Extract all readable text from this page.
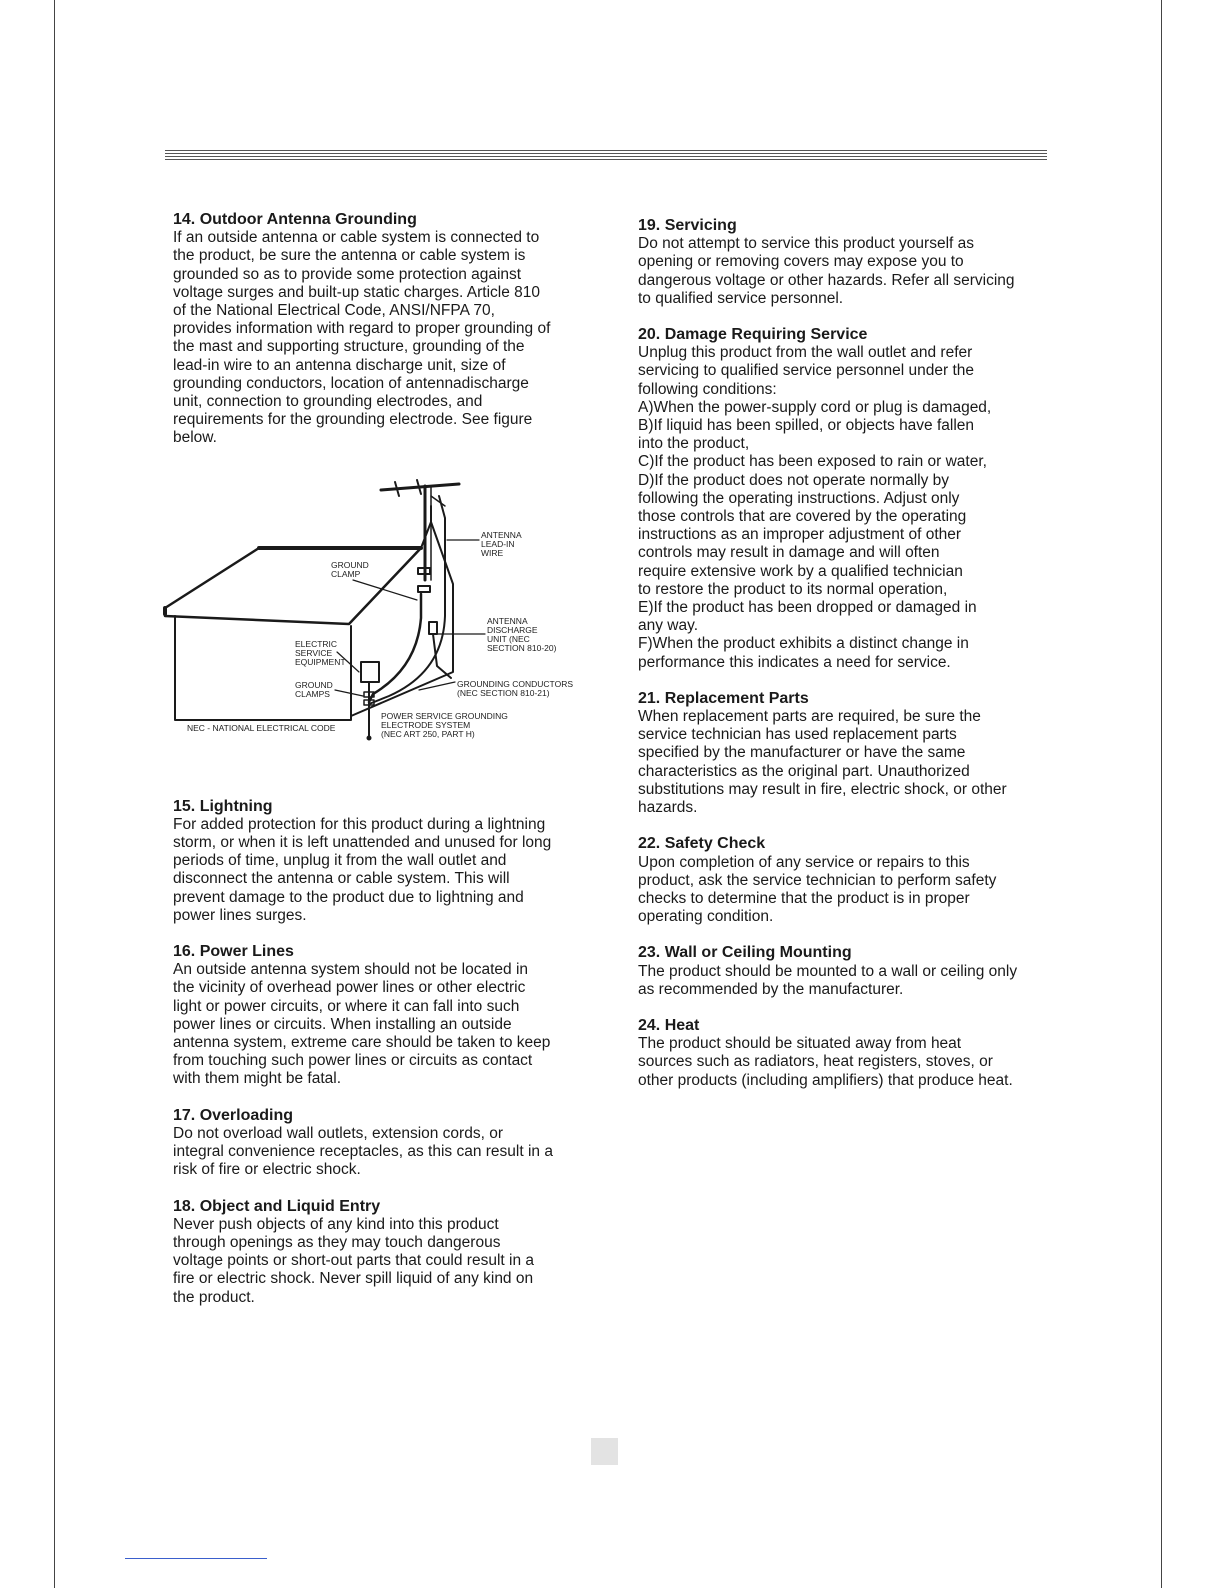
14. Outdoor Antenna Grounding

If an outside antenna or cable system is connected to
the product, be sure the antenna or cable system is
grounded so as to provide some protection against
voltage surges and built-up static charges. Article 810
of the National Electrical Code, ANSI/NFPA 70,
provides information with regard to proper grounding of
the mast and supporting structure, grounding of the
lead-in wire to an antenna discharge unit, size of
grounding conductors, location of antennadischarge
unit, connection to grounding electrodes, and
requirements for the grounding electrode. See figure
below.

ANTENNA LEAD-IN WIRE
GROUND CLAMP
ANTENNA DISCHARGE UNIT (NEC SECTION 810-20)
ELECTRIC SERVICE EQUIPMENT
GROUND CLAMPS
GROUNDING CONDUCTORS (NEC SECTION 810-21)
POWER SERVICE GROUNDING ELECTRODE SYSTEM (NEC ART 250, PART H)
NEC - NATIONAL ELECTRICAL CODE
15. Lightning

For added protection for this product during a lightning
storm, or when it is left unattended and unused for long
periods of time, unplug it from the wall outlet and
disconnect the antenna or cable system. This will
prevent damage to the product due to lightning and
power lines surges.

16. Power Lines

An outside antenna system should not be located in
the vicinity of overhead power lines or other electric
light or power circuits, or where it can fall into such
power lines or circuits. When installing an outside
antenna system, extreme care should be taken to keep
from touching such power lines or circuits as contact
with them might be fatal.

17. Overloading

Do not overload wall outlets, extension cords, or
integral convenience receptacles, as this can result in a
risk of fire or electric shock.

18. Object and Liquid Entry

Never push objects of any kind into this product
through openings as they may touch dangerous
voltage points or short-out parts that could result in a
fire or electric shock. Never spill liquid of any kind on
the product.

19. Servicing

Do not attempt to service this product yourself as
opening or removing covers may expose you to
dangerous voltage or other hazards. Refer all servicing
to qualified service personnel.

20. Damage Requiring Service

Unplug this product from the wall outlet and refer
servicing to qualified service personnel under the
following conditions:
A)When the power-supply cord or plug is damaged,
B)If liquid has been spilled, or objects have fallen
into the product,
C)If the product has been exposed to rain or water,
D)If the product does not operate normally by
following the operating instructions. Adjust only
those controls that are covered by the operating
instructions as an improper adjustment of other
controls may result in damage and will often
require extensive work by a qualified technician
to restore the product to its normal operation,
E)If the product has been dropped or damaged in
any way.
F)When the product exhibits a distinct change in
performance this indicates a need for service.

21. Replacement Parts

When replacement parts are required, be sure the
service technician has used replacement parts
specified by the manufacturer or have the same
characteristics as the original part. Unauthorized
substitutions may result in fire, electric shock, or other
hazards.

22. Safety Check

Upon completion of any service or repairs to this
product, ask the service technician to perform safety
checks to determine that the product is in proper
operating condition.

23. Wall or Ceiling Mounting

The product should be mounted to a wall or ceiling only
as recommended by the manufacturer.

24. Heat

The product should be situated away from heat
sources such as radiators, heat registers, stoves, or
other products (including amplifiers) that produce heat.
